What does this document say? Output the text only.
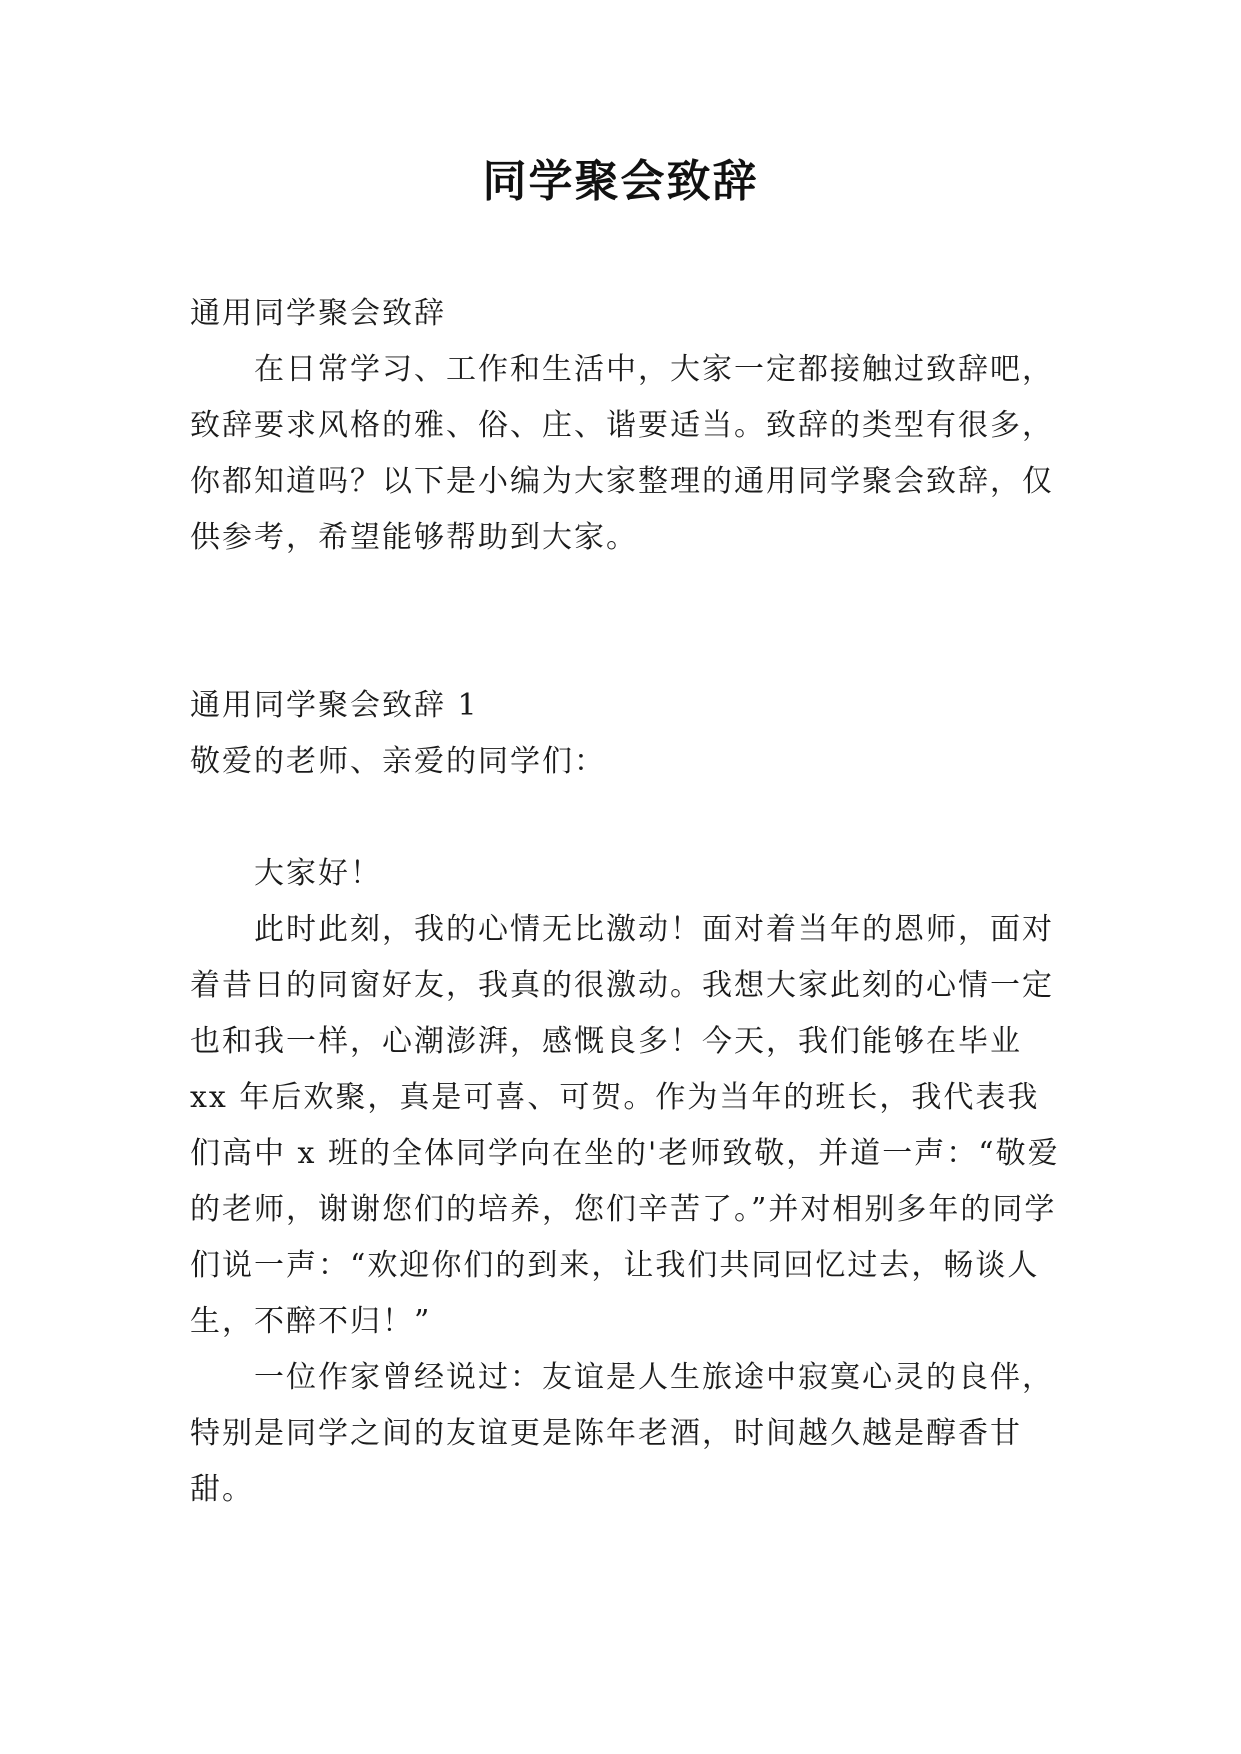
同学聚会致辞

通用同学聚会致辞

在日常学习、工作和生活中，大家一定都接触过致辞吧，致辞要求风格的雅、俗、庄、谐要适当。致辞的类型有很多，你都知道吗？以下是小编为大家整理的通用同学聚会致辞，仅供参考，希望能够帮助到大家。

通用同学聚会致辞 1

敬爱的老师、亲爱的同学们：

大家好！

此时此刻，我的心情无比激动！面对着当年的恩师，面对着昔日的同窗好友，我真的很激动。我想大家此刻的心情一定也和我一样，心潮澎湃，感慨良多！今天，我们能够在毕业 xx 年后欢聚，真是可喜、可贺。作为当年的班长，我代表我们高中 x 班的全体同学向在坐的'老师致敬，并道一声：“敬爱的老师，谢谢您们的培养，您们辛苦了。”并对相别多年的同学们说一声：“欢迎你们的到来，让我们共同回忆过去，畅谈人生，不醉不归！”

一位作家曾经说过：友谊是人生旅途中寂寞心灵的良伴，特别是同学之间的友谊更是陈年老酒，时间越久越是醇香甘甜。
